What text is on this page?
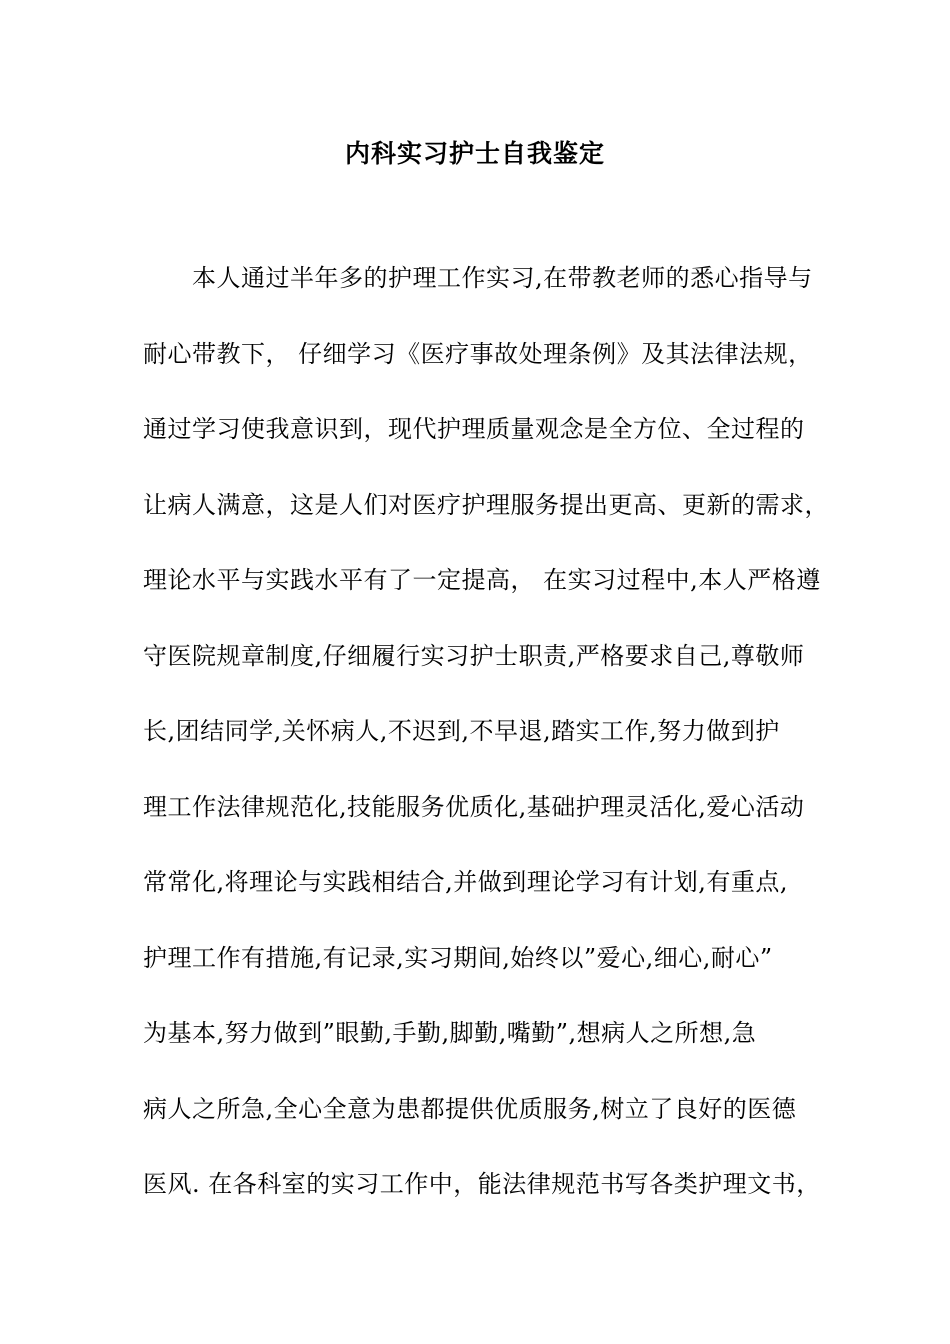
内科实习护士自我鉴定
本人通过半年多的护理工作实习,在带教老师的悉心指导与
耐心带教下， 仔细学习《医疗事故处理条例》及其法律法规，
通过学习使我意识到，现代护理质量观念是全方位、全过程的
让病人满意，这是人们对医疗护理服务提出更高、更新的需求，
理论水平与实践水平有了一定提高， 在实习过程中,本人严格遵
守医院规章制度,仔细履行实习护士职责,严格要求自己,尊敬师
长,团结同学,关怀病人,不迟到,不早退,踏实工作,努力做到护
理工作法律规范化,技能服务优质化,基础护理灵活化,爱心活动
常常化,将理论与实践相结合,并做到理论学习有计划,有重点,
护理工作有措施,有记录,实习期间,始终以”爱心,细心,耐心”
为基本,努力做到”眼勤,手勤,脚勤,嘴勤”,想病人之所想,急
病人之所急,全心全意为患都提供优质服务,树立了良好的医德
医风. 在各科室的实习工作中，能法律规范书写各类护理文书，
